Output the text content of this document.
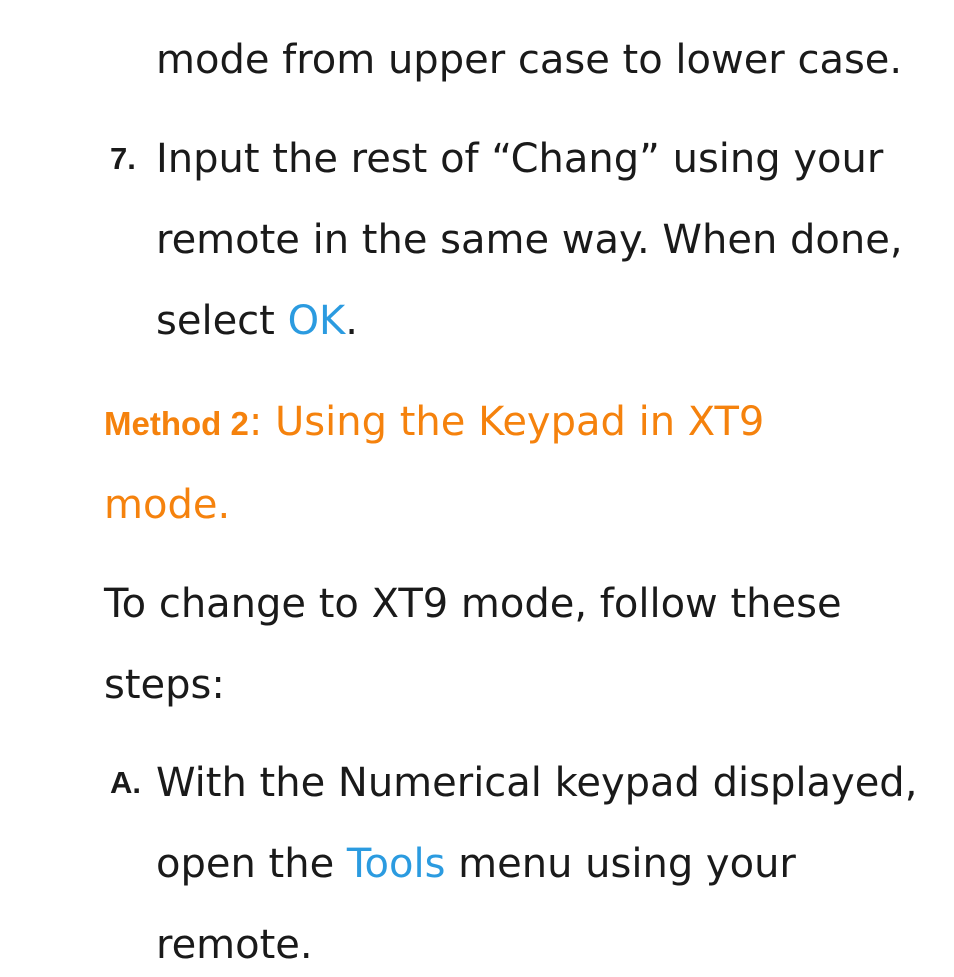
mode from upper case to lower case.
7. Input the rest of “Chang” using your
remote in the same way. When done,
select OK.
Method 2: Using the Keypad in XT9
mode.
To change to XT9 mode, follow these
steps:
A. With the Numerical keypad displayed,
open the Tools menu using your
remote.
